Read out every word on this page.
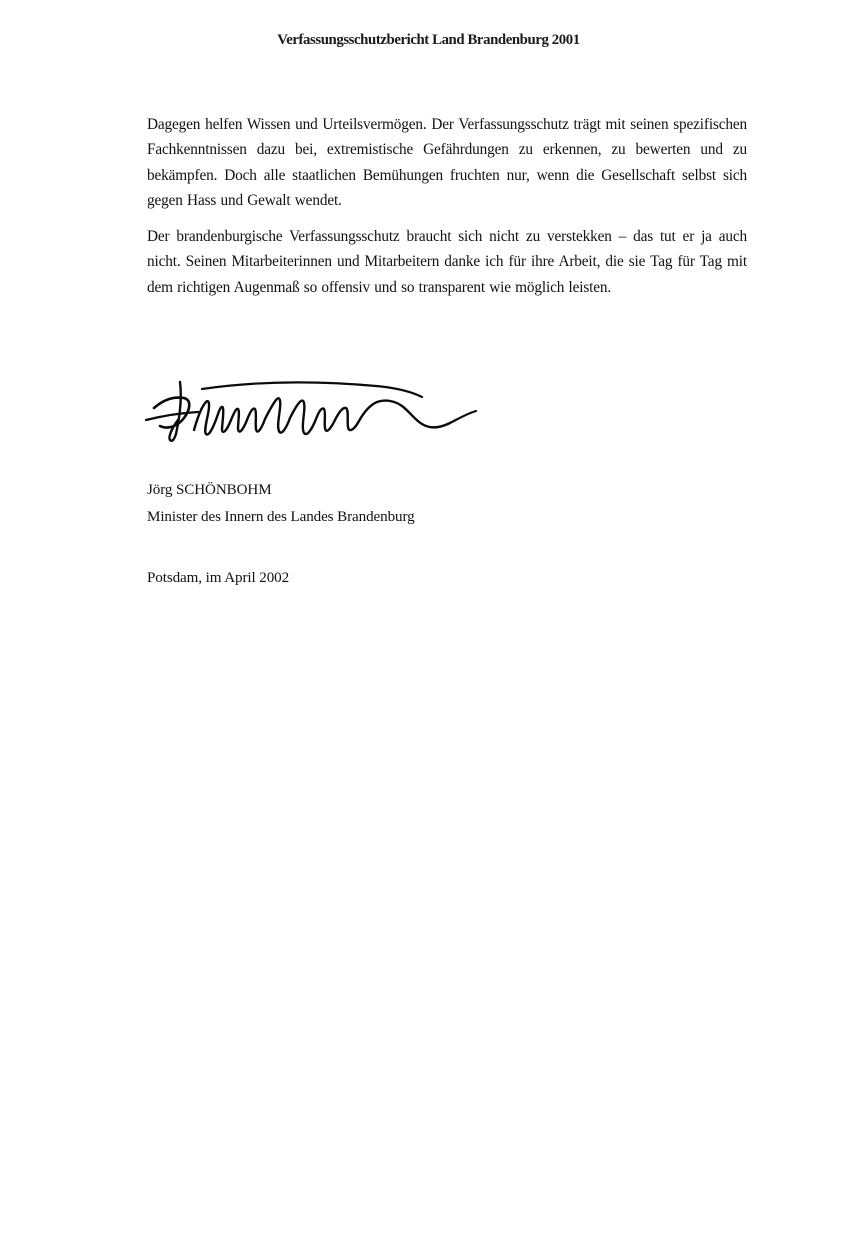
Verfassungsschutzbericht Land Brandenburg 2001

Dagegen helfen Wissen und Urteilsvermögen. Der Verfassungsschutz trägt mit seinen spezifischen Fachkenntnissen dazu bei, extremistische Gefährdungen zu erkennen, zu bewerten und zu bekämpfen. Doch alle staatlichen Bemühungen fruchten nur, wenn die Gesellschaft selbst sich gegen Hass und Gewalt wendet.

Der brandenburgische Verfassungsschutz braucht sich nicht zu verstekken – das tut er ja auch nicht. Seinen Mitarbeiterinnen und Mitarbeitern danke ich für ihre Arbeit, die sie Tag für Tag mit dem richtigen Augenmaß so offensiv und so transparent wie möglich leisten.

Jörg SCHÖNBOHM
Minister des Innern des Landes Brandenburg
Potsdam, im April 2002
